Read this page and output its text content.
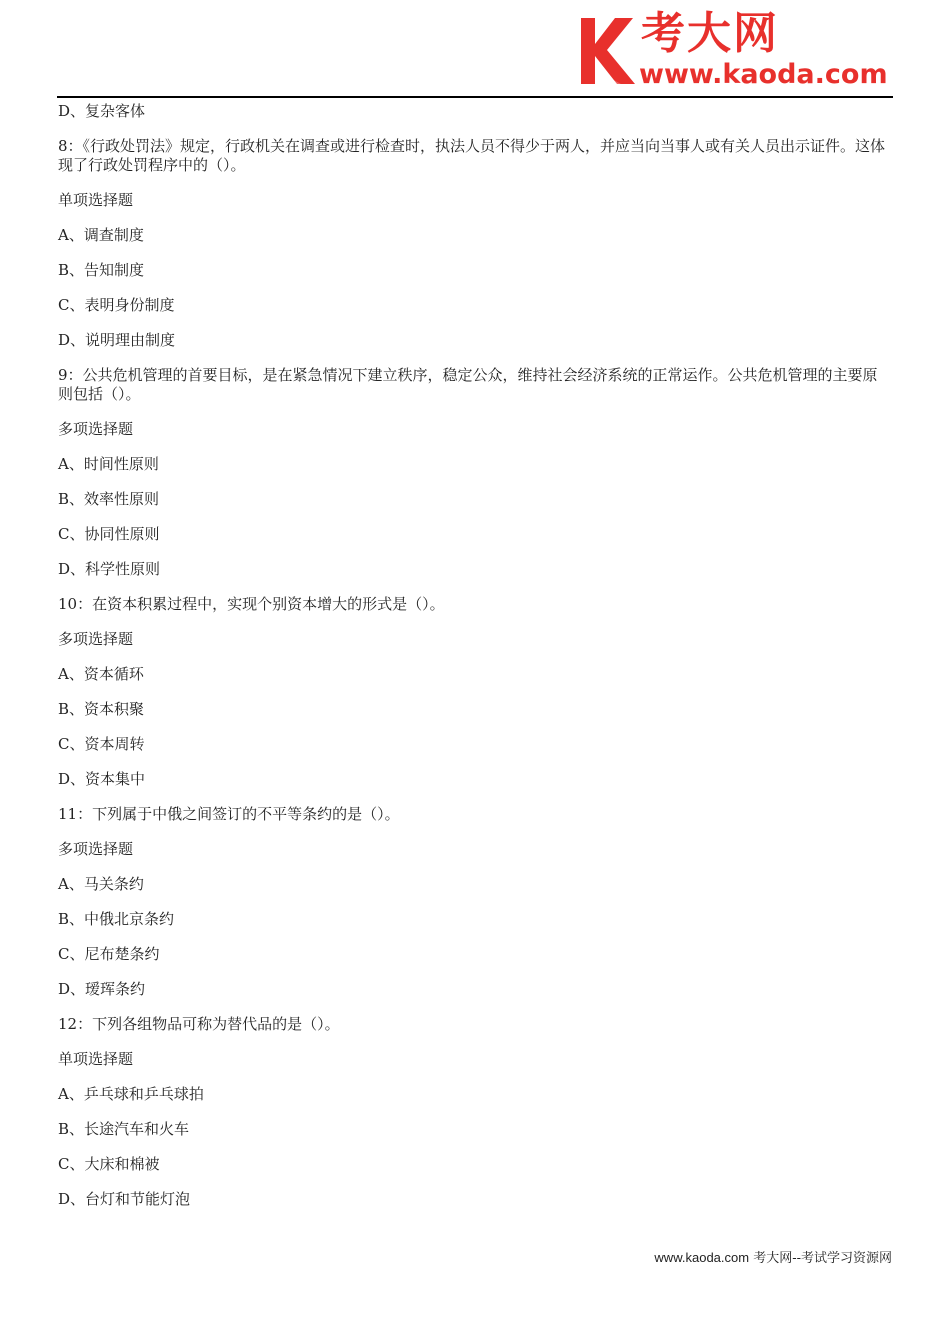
考大网
www.kaoda.com

D、复杂客体

8：《行政处罚法》规定，行政机关在调查或进行检查时，执法人员不得少于两人，并应当向当事人或有关人员出示证件。这体现了行政处罚程序中的（）。

单项选择题

A、调查制度

B、告知制度

C、表明身份制度

D、说明理由制度

9：公共危机管理的首要目标，是在紧急情况下建立秩序，稳定公众，维持社会经济系统的正常运作。公共危机管理的主要原则包括（）。

多项选择题

A、时间性原则

B、效率性原则

C、协同性原则

D、科学性原则

10：在资本积累过程中，实现个别资本增大的形式是（）。

多项选择题

A、资本循环

B、资本积聚

C、资本周转

D、资本集中

11：下列属于中俄之间签订的不平等条约的是（）。

多项选择题

A、马关条约

B、中俄北京条约

C、尼布楚条约

D、瑷珲条约

12：下列各组物品可称为替代品的是（）。

单项选择题

A、乒乓球和乒乓球拍

B、长途汽车和火车

C、大床和棉被

D、台灯和节能灯泡

www.kaoda.com 考大网--考试学习资源网
